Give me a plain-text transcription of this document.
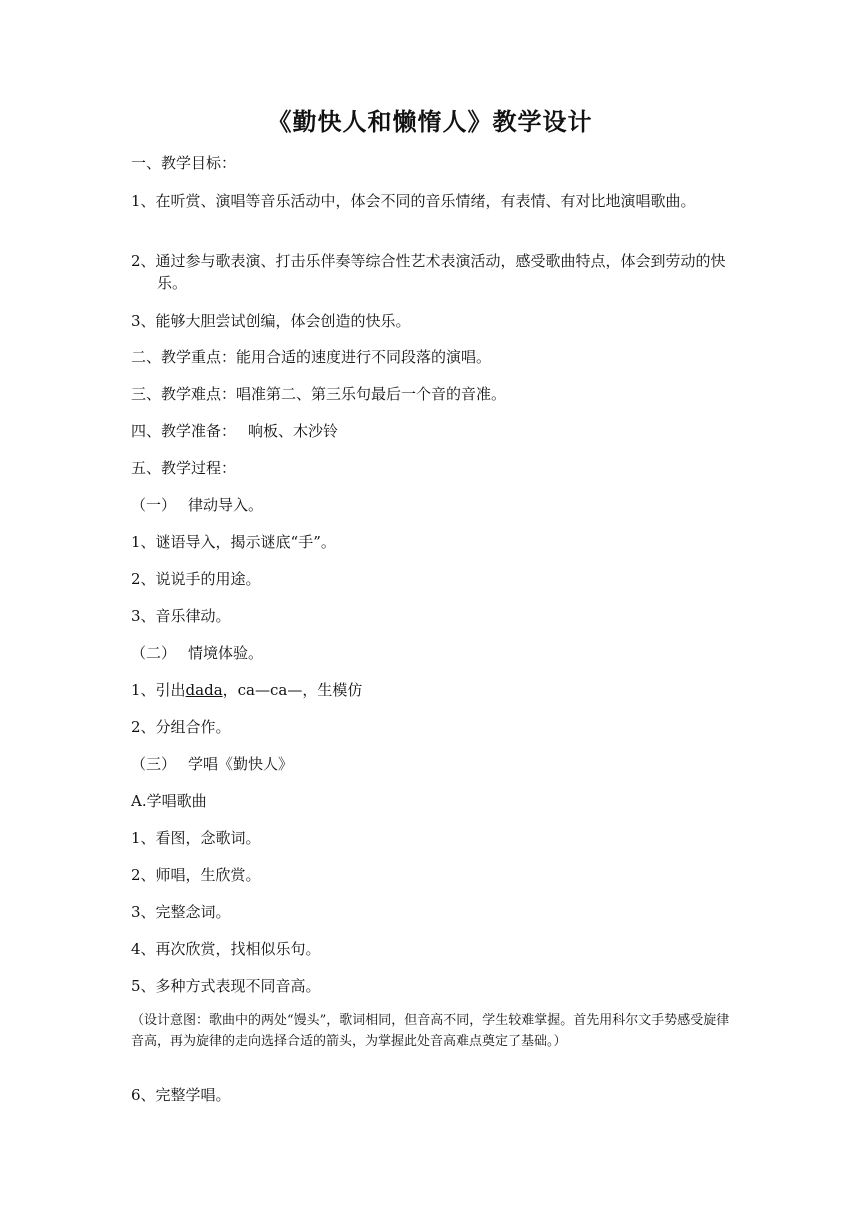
《勤快人和懒惰人》教学设计
一、教学目标：
1、在听赏、演唱等音乐活动中，体会不同的音乐情绪，有表情、有对比地演唱歌曲。
2、通过参与歌表演、打击乐伴奏等综合性艺术表演活动，感受歌曲特点，体会到劳动的快乐。
3、能够大胆尝试创编，体会创造的快乐。
二、教学重点：能用合适的速度进行不同段落的演唱。
三、教学难点：唱准第二、第三乐句最后一个音的音准。
四、教学准备： 响板、木沙铃
五、教学过程：
（一） 律动导入。
1、谜语导入，揭示谜底“手”。
2、说说手的用途。
3、音乐律动。
（二） 情境体验。
1、引出dada，ca—ca—，生模仿
2、分组合作。
（三） 学唱《勤快人》
A.学唱歌曲
1、看图，念歌词。
2、师唱，生欣赏。
3、完整念词。
4、再次欣赏，找相似乐句。
5、多种方式表现不同音高。
（设计意图：歌曲中的两处“馒头”，歌词相同，但音高不同，学生较难掌握。首先用科尔文手势感受旋律音高，再为旋律的走向选择合适的箭头，为掌握此处音高难点奠定了基础。）
6、完整学唱。
